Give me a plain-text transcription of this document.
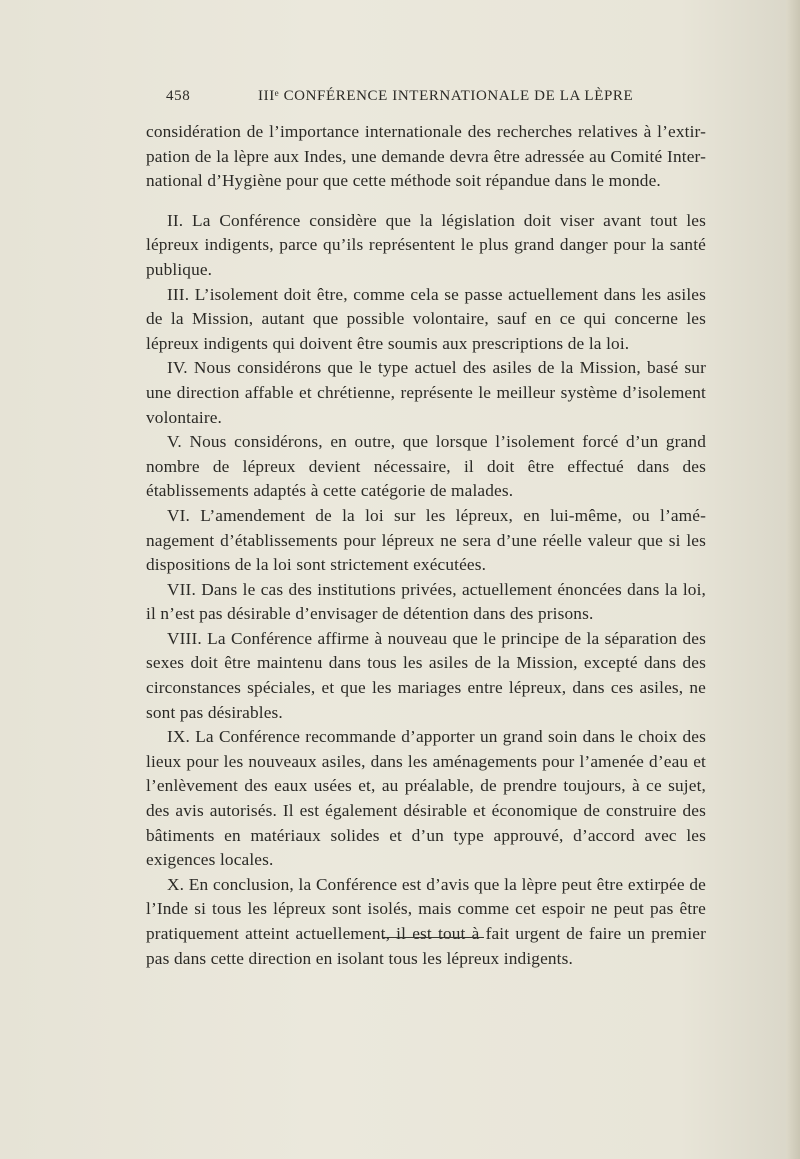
458	IIIᵉ CONFÉRENCE INTERNATIONALE DE LA LÈPRE

considération de l’importance internationale des recherches relatives à l’extir-pation de la lèpre aux Indes, une demande devra être adressée au Comité Inter-national d’Hygiène pour que cette méthode soit répandue dans le monde.

II. La Conférence considère que la législation doit viser avant tout les lépreux indigents, parce qu’ils représentent le plus grand danger pour la santé publique.

III. L’isolement doit être, comme cela se passe actuellement dans les asiles de la Mission, autant que possible volontaire, sauf en ce qui concerne les lépreux indigents qui doivent être soumis aux prescriptions de la loi.

IV. Nous considérons que le type actuel des asiles de la Mission, basé sur une direction affable et chrétienne, représente le meilleur système d’isolement volontaire.

V. Nous considérons, en outre, que lorsque l’isolement forcé d’un grand nombre de lépreux devient nécessaire, il doit être effectué dans des établissements adaptés à cette catégorie de malades.

VI. L’amendement de la loi sur les lépreux, en lui-même, ou l’amé-nagement d’établissements pour lépreux ne sera d’une réelle valeur que si les dispositions de la loi sont strictement exécutées.

VII. Dans le cas des institutions privées, actuellement énoncées dans la loi, il n’est pas désirable d’envisager de détention dans des prisons.

VIII. La Conférence affirme à nouveau que le principe de la séparation des sexes doit être maintenu dans tous les asiles de la Mission, excepté dans des circonstances spéciales, et que les mariages entre lépreux, dans ces asiles, ne sont pas désirables.

IX. La Conférence recommande d’apporter un grand soin dans le choix des lieux pour les nouveaux asiles, dans les aménagements pour l’amenée d’eau et l’enlèvement des eaux usées et, au préalable, de prendre toujours, à ce sujet, des avis autorisés. Il est également désirable et économique de construire des bâtiments en matériaux solides et d’un type approuvé, d’accord avec les exigences locales.

X. En conclusion, la Conférence est d’avis que la lèpre peut être extirpée de l’Inde si tous les lépreux sont isolés, mais comme cet espoir ne peut pas être pratiquement atteint actuellement, il est tout à fait urgent de faire un premier pas dans cette direction en isolant tous les lépreux indigents.
